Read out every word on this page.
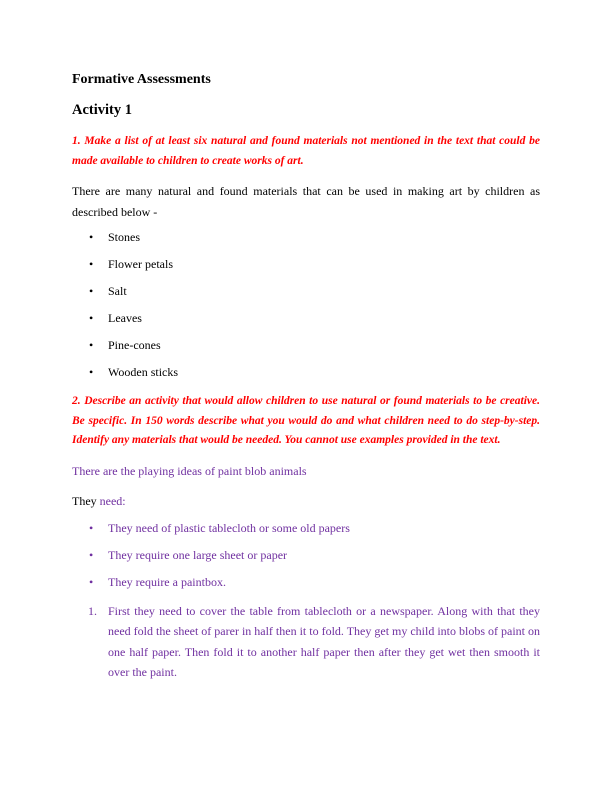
Formative Assessments

Activity 1

1. Make a list of at least six natural and found materials not mentioned in the text that could be made available to children to create works of art.

There are many natural and found materials that can be used in making art by children as described below -

• Stones
• Flower petals
• Salt
• Leaves
• Pine-cones
• Wooden sticks

2. Describe an activity that would allow children to use natural or found materials to be creative. Be specific. In 150 words describe what you would do and what children need to do step-by-step. Identify any materials that would be needed. You cannot use examples provided in the text.

There are the playing ideas of paint blob animals

They need:

• They need of plastic tablecloth or some old papers
• They require one large sheet or paper
• They require a paintbox.
1. First they need to cover the table from tablecloth or a newspaper. Along with that they need fold the sheet of parer in half then it to fold. They get my child into blobs of paint on one half paper. Then fold it to another half paper then after they get wet then smooth it over the paint.
